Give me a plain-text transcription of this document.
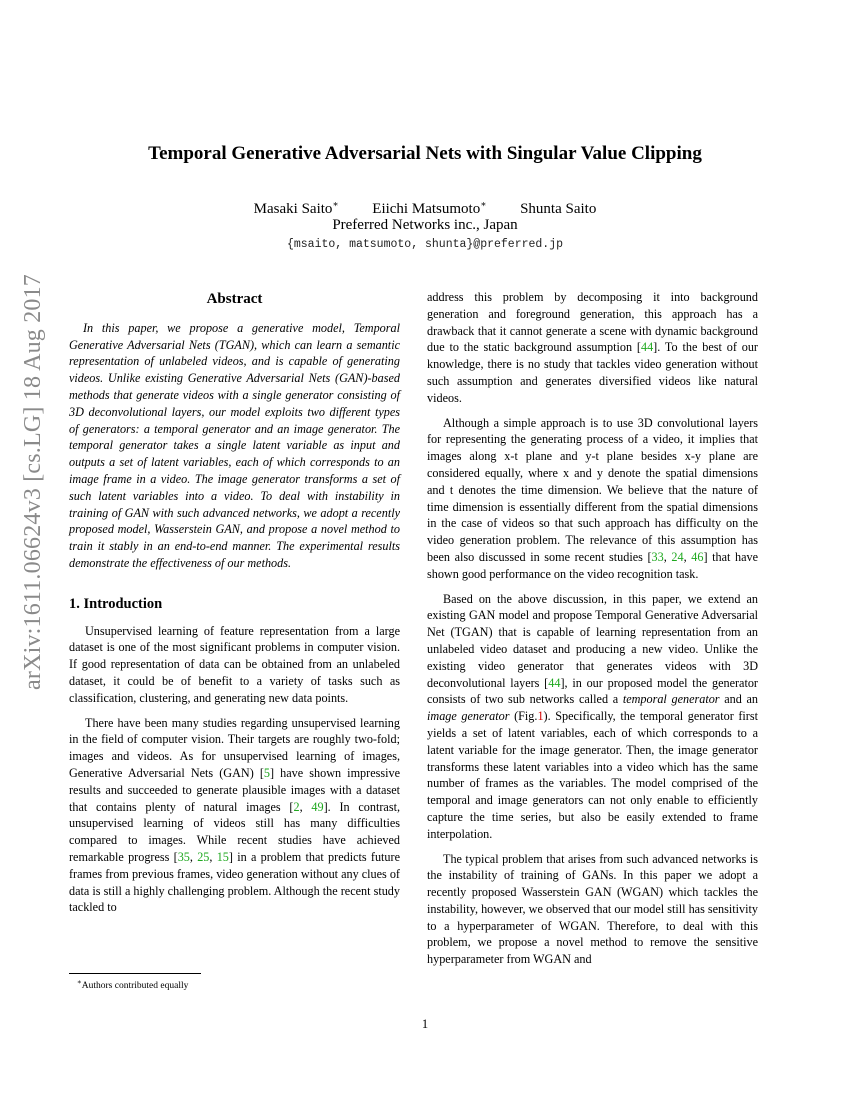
Temporal Generative Adversarial Nets with Singular Value Clipping
Masaki Saito∗ Eiichi Matsumoto∗ Shunta Saito
Preferred Networks inc., Japan
{msaito, matsumoto, shunta}@preferred.jp
arXiv:1611.06624v3 [cs.LG] 18 Aug 2017	Abstract

In this paper, we propose a generative model, Temporal Generative Adversarial Nets (TGAN), which can learn a semantic representation of unlabeled videos, and is capable of generating videos. Unlike existing Generative Adversarial Nets (GAN)-based methods that generate videos with a single generator consisting of 3D deconvolutional layers, our model exploits two different types of generators: a temporal generator and an image generator. The temporal generator takes a single latent variable as input and outputs a set of latent variables, each of which corresponds to an image frame in a video. The image generator transforms a set of such latent variables into a video. To deal with instability in training of GAN with such advanced networks, we adopt a recently proposed model, Wasserstein GAN, and propose a novel method to train it stably in an end-to-end manner. The experimental results demonstrate the effectiveness of our methods.

1. Introduction

Unsupervised learning of feature representation from a large dataset is one of the most significant problems in computer vision. If good representation of data can be obtained from an unlabeled dataset, it could be of benefit to a variety of tasks such as classification, clustering, and generating new data points.

There have been many studies regarding unsupervised learning in the field of computer vision. Their targets are roughly two-fold; images and videos. As for unsupervised learning of images, Generative Adversarial Nets (GAN) [5] have shown impressive results and succeeded to generate plausible images with a dataset that contains plenty of natural images [2, 49]. In contrast, unsupervised learning of videos still has many difficulties compared to images. While recent studies have achieved remarkable progress [35, 25, 15] in a problem that predicts future frames from previous frames, video generation without any clues of data is still a highly challenging problem. Although the recent study tackled to

address this problem by decomposing it into background generation and foreground generation, this approach has a drawback that it cannot generate a scene with dynamic background due to the static background assumption [44]. To the best of our knowledge, there is no study that tackles video generation without such assumption and generates diversified videos like natural videos.

Although a simple approach is to use 3D convolutional layers for representing the generating process of a video, it implies that images along x-t plane and y-t plane besides x-y plane are considered equally, where x and y denote the spatial dimensions and t denotes the time dimension. We believe that the nature of time dimension is essentially different from the spatial dimensions in the case of videos so that such approach has difficulty on the video generation problem. The relevance of this assumption has been also discussed in some recent studies [33, 24, 46] that have shown good performance on the video recognition task.

Based on the above discussion, in this paper, we extend an existing GAN model and propose Temporal Generative Adversarial Net (TGAN) that is capable of learning representation from an unlabeled video dataset and producing a new video. Unlike the existing video generator that generates videos with 3D deconvolutional layers [44], in our proposed model the generator consists of two sub networks called a temporal generator and an image generator (Fig.1). Specifically, the temporal generator first yields a set of latent variables, each of which corresponds to a latent variable for the image generator. Then, the image generator transforms these latent variables into a video which has the same number of frames as the variables. The model comprised of the temporal and image generators can not only enable to efficiently capture the time series, but also be easily extended to frame interpolation.

The typical problem that arises from such advanced networks is the instability of training of GANs. In this paper we adopt a recently proposed Wasserstein GAN (WGAN) which tackles the instability, however, we observed that our model still has sensitivity to a hyperparameter of WGAN. Therefore, to deal with this problem, we propose a novel method to remove the sensitive hyperparameter from WGAN and

∗Authors contributed equally
1
